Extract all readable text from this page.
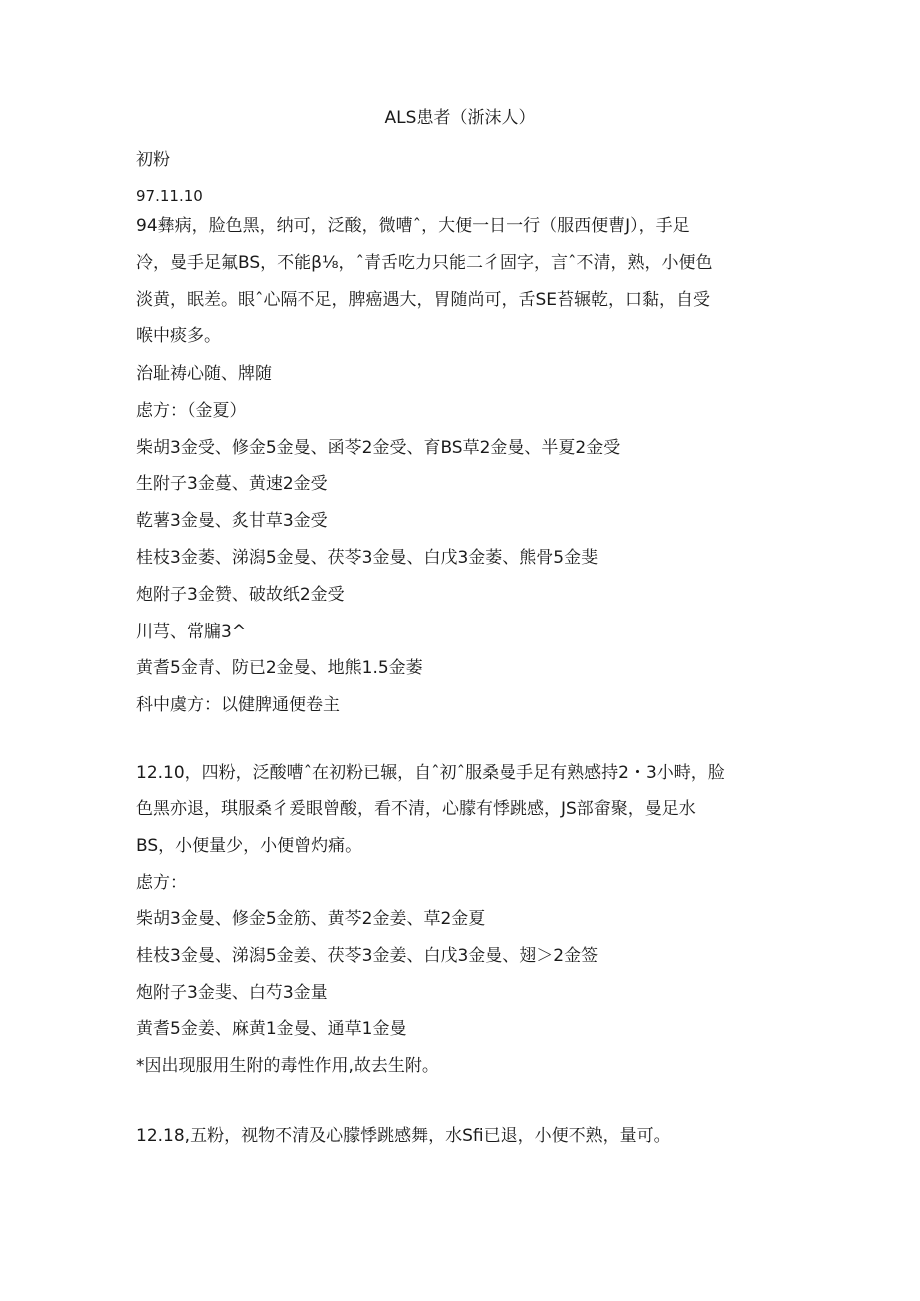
ALS患者（浙沫人）
初粉
97.11.10
94彝病，脸色黑，纳可，泛酸，微嘈ˆ，大便一日一行（服西便曹J），手足
冷，曼手足氟BS，不能β⅛，ˆ青舌吃力只能二彳固字，言ˆ不清，熟，小便色
淡黄，眠差。眼ˆ心隔不足，脾癌遇大，胃随尚可，舌SE苔辗乾，口黏，自受
喉中痰多。
治耻祷心随、牌随
虑方：（金夏）
柴胡3金受、修金5金曼、函苓2金受、育BS草2金曼、半夏2金受
生附子3金蔓、黄速2金受
乾薯3金曼、炙甘草3金受
桂枝3金萎、涕潟5金曼、茯苓3金曼、白戊3金萎、熊骨5金斐
炮附子3金赞、破故纸2金受
川芎、常牖3^
黄耆5金青、防已2金曼、地熊1.5金萎
科中虞方：以健脾通便卷主
12.10，四粉，泛酸嘈ˆ在初粉已辗，自ˆ初ˆ服桑曼手足有熟感持2・3小畤，脸
色黑亦退，琪服桑彳爰眼曾酸，看不清，心朦有悸跳感，JS部畲聚，曼足水
BS，小便量少，小便曾灼痛。
虑方：
柴胡3金曼、修金5金筋、黄芩2金姜、草2金夏
桂枝3金曼、涕潟5金姜、茯苓3金姜、白戊3金曼、翅＞2金签
炮附子3金斐、白芍3金量
黄耆5金姜、麻黄1金曼、通草1金曼
*因出现服用生附的毒性作用,故去生附。
12.18,五粉，视物不清及心朦悸跳感舞，水Sfi已退，小便不熟，量可。
